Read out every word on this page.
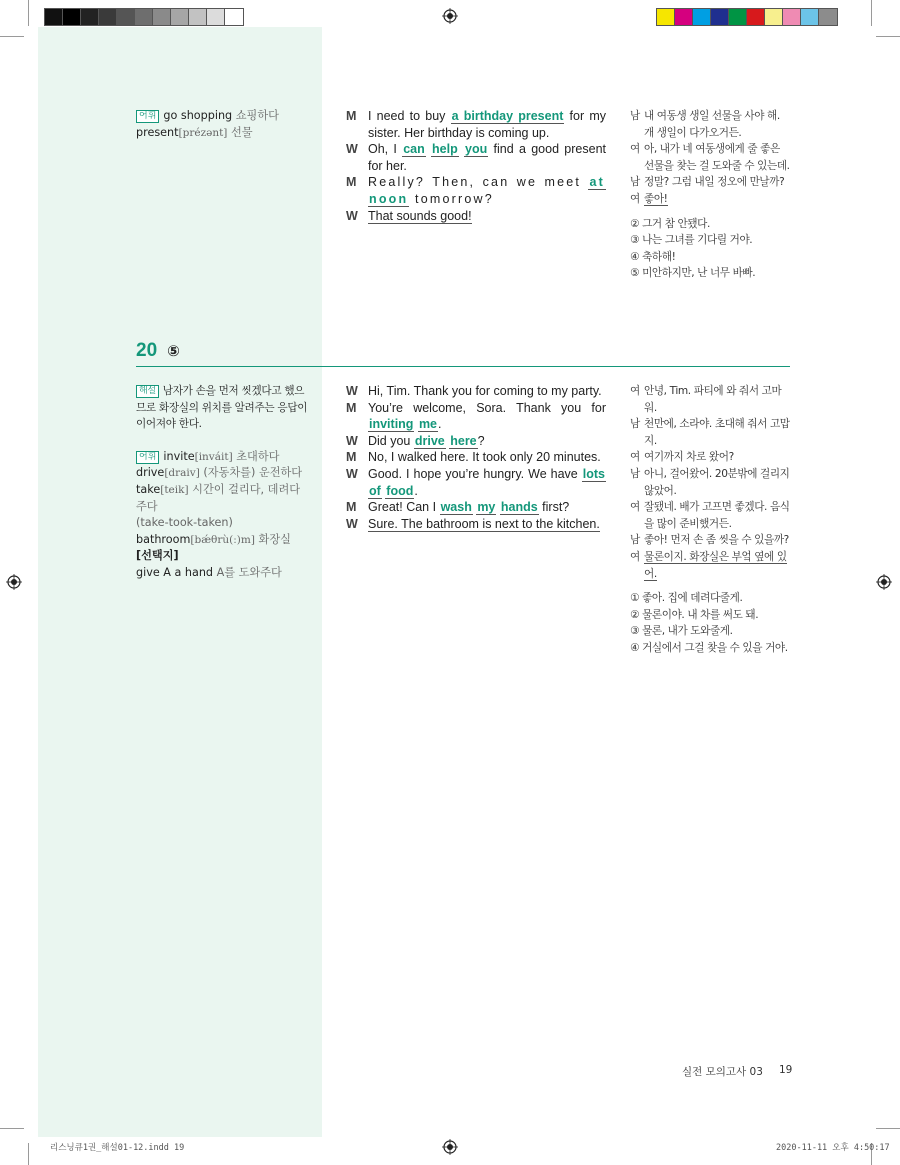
어휘 go shopping 쇼핑하다
present[prézənt] 선물
M I need to buy a birthday present for my sister. Her birthday is coming up.
W Oh, I can help you find a good present for her.
M Really? Then, can we meet at noon tomorrow?
W That sounds good!
남 내 여동생 생일 선물을 사야 해. 개 생일이 다가오거든.
여 아, 내가 네 여동생에게 줄 좋은 선물을 찾는 걸 도와줄 수 있는데.
남 정말? 그럼 내일 정오에 만날까?
여 좋아!
② 그거 참 안됐다.
③ 나는 그녀를 기다릴 거야.
④ 축하해!
⑤ 미안하지만, 난 너무 바빠.
20 ⑤
해설 남자가 손을 먼저 씻겠다고 했으므로 화장실의 위치를 알려주는 응답이 이어져야 한다.
어휘 invite[inváit] 초대하다
drive[draiv] (자동차를) 운전하다
take[teik] 시간이 걸리다, 데려다 주다
(take-took-taken)
bathroom[bǽθrù(ː)m] 화장실
[선택지]
give A a hand A를 도와주다
W Hi, Tim. Thank you for coming to my party.
M You’re welcome, Sora. Thank you for inviting me.
W Did you drive here?
M No, I walked here. It took only 20 minutes.
W Good. I hope you’re hungry. We have lots of food.
M Great! Can I wash my hands first?
W Sure. The bathroom is next to the kitchen.
여 안녕, Tim. 파티에 와 줘서 고마워.
남 천만에, 소라야. 초대해 줘서 고맙지.
여 여기까지 차로 왔어?
남 아니, 걸어왔어. 20분밖에 걸리지 않았어.
여 잘됐네. 배가 고프면 좋겠다. 음식을 많이 준비했거든.
남 좋아! 먼저 손 좀 씻을 수 있을까?
여 물론이지. 화장실은 부엌 옆에 있어.
① 좋아. 집에 데려다줄게.
② 물론이야. 내 차를 써도 돼.
③ 물론, 내가 도와줄게.
④ 거실에서 그걸 찾을 수 있을 거야.
실전 모의고사 03 19
리스닝큐1권_해설01-12.indd 19	2020-11-11 오후 4:50:17
